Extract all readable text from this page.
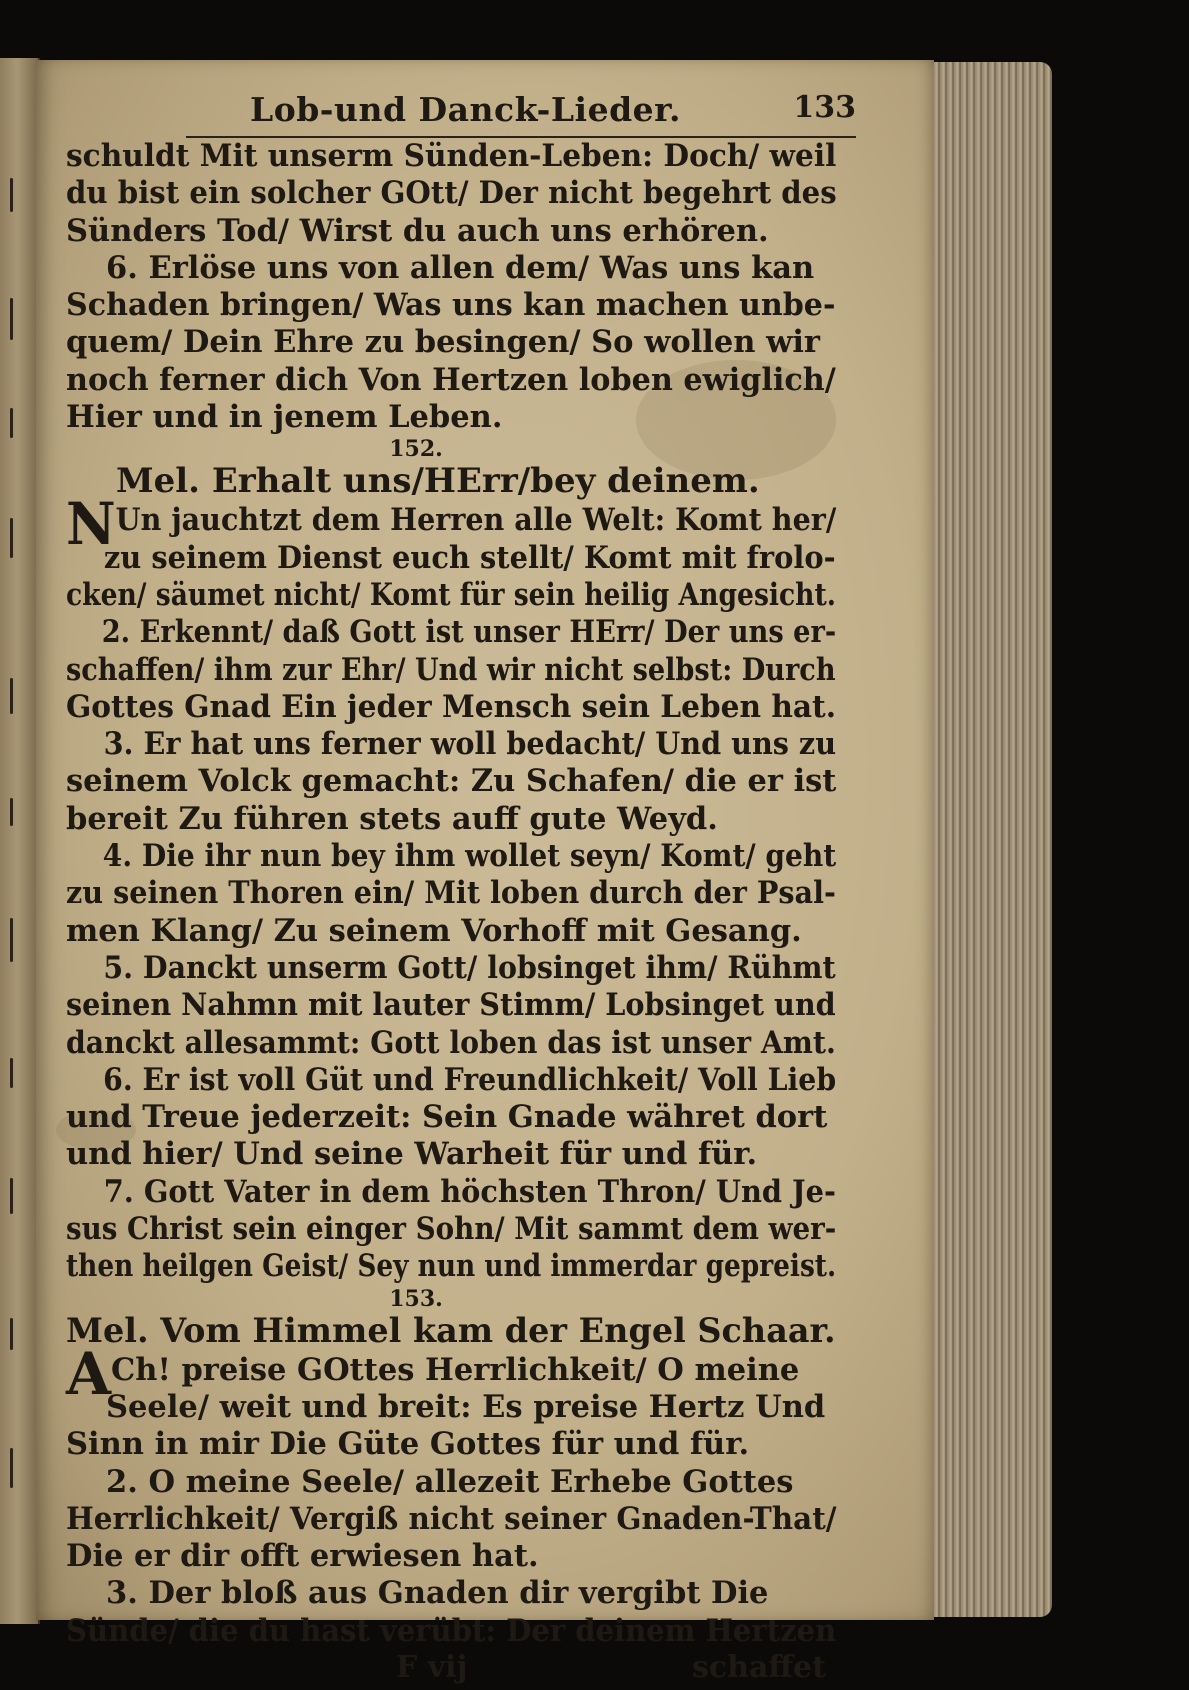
Lob-und Danck-Lieder.	133
schuldt Mit unserm Sünden-Leben: Doch/ weil
du bist ein solcher GOtt/ Der nicht begehrt des
Sünders Tod/ Wirst du auch uns erhören.
6. Erlöse uns von allen dem/ Was uns kan
Schaden bringen/ Was uns kan machen unbe-
quem/ Dein Ehre zu besingen/ So wollen wir
noch ferner dich Von Hertzen loben ewiglich/
Hier und in jenem Leben.
152.
Mel. Erhalt uns/HErr/bey deinem.
NUn jauchtzt dem Herren alle Welt: Komt her/
zu seinem Dienst euch stellt/ Komt mit frolo-
cken/ säumet nicht/ Komt für sein heilig Angesicht.
2. Erkennt/ daß Gott ist unser HErr/ Der uns er-
schaffen/ ihm zur Ehr/ Und wir nicht selbst: Durch
Gottes Gnad Ein jeder Mensch sein Leben hat.
3. Er hat uns ferner woll bedacht/ Und uns zu
seinem Volck gemacht: Zu Schafen/ die er ist
bereit Zu führen stets auff gute Weyd.
4. Die ihr nun bey ihm wollet seyn/ Komt/ geht
zu seinen Thoren ein/ Mit loben durch der Psal-
men Klang/ Zu seinem Vorhoff mit Gesang.
5. Danckt unserm Gott/ lobsinget ihm/ Rühmt
seinen Nahmn mit lauter Stimm/ Lobsinget und
danckt allesammt: Gott loben das ist unser Amt.
6. Er ist voll Güt und Freundlichkeit/ Voll Lieb
und Treue jederzeit: Sein Gnade währet dort
und hier/ Und seine Warheit für und für.
7. Gott Vater in dem höchsten Thron/ Und Je-
sus Christ sein einger Sohn/ Mit sammt dem wer-
then heilgen Geist/ Sey nun und immerdar gepreist.
153.
Mel. Vom Himmel kam der Engel Schaar.
ACh! preise GOttes Herrlichkeit/ O meine
Seele/ weit und breit: Es preise Hertz Und
Sinn in mir Die Güte Gottes für und für.
2. O meine Seele/ allezeit Erhebe Gottes
Herrlichkeit/ Vergiß nicht seiner Gnaden-That/
Die er dir offt erwiesen hat.
3. Der bloß aus Gnaden dir vergibt Die
Sünde/ die du hast verübt: Der deinem Hertzen
F vij	schaffet
